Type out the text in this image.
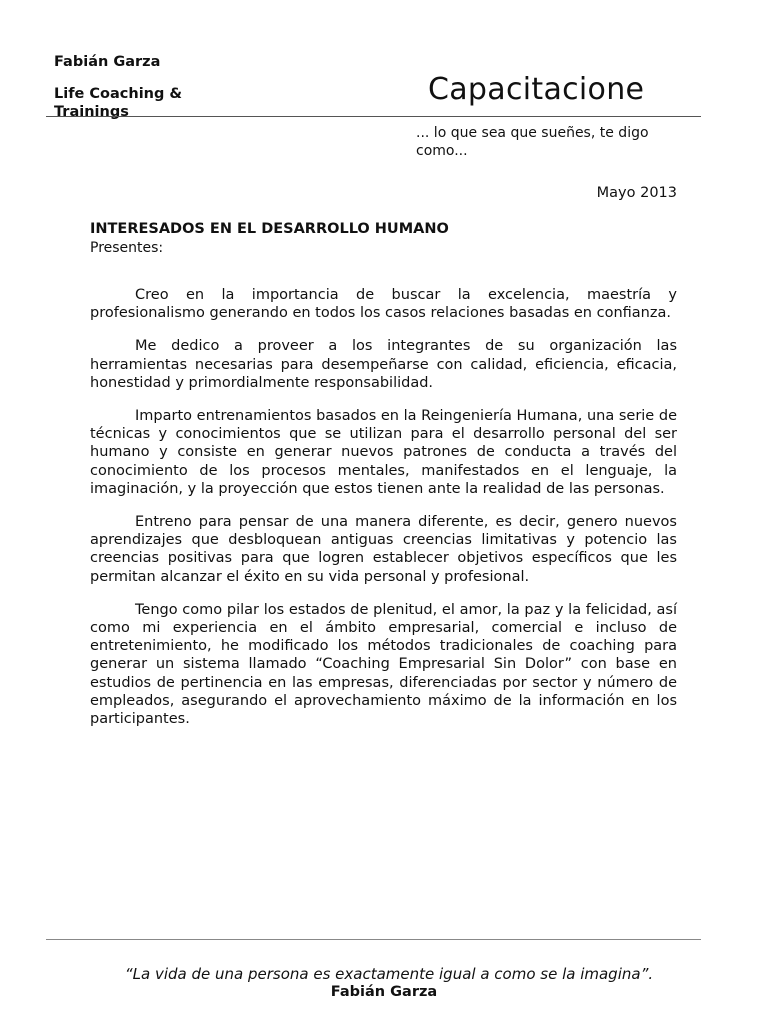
Fabián Garza
Life Coaching & Trainings
Capacitacione
... lo que sea que sueñes, te digo como...
Mayo 2013
INTERESADOS EN EL DESARROLLO HUMANO
Presentes:

Creo en la importancia de buscar la excelencia, maestría y profesionalismo generando en todos los casos relaciones basadas en confianza.

Me dedico a proveer a los integrantes de su organización las herramientas necesarias para desempeñarse con calidad, eficiencia, eficacia, honestidad y primordialmente responsabilidad.

Imparto entrenamientos basados en la Reingeniería Humana, una serie de técnicas y conocimientos que se utilizan para el desarrollo personal del ser humano y consiste en generar nuevos patrones de conducta a través del conocimiento de los procesos mentales, manifestados en el lenguaje, la imaginación, y la proyección que estos tienen ante la realidad de las personas.

Entreno para pensar de una manera diferente, es decir, genero nuevos aprendizajes que desbloquean antiguas creencias limitativas y potencio las creencias positivas para que logren establecer objetivos específicos que les permitan alcanzar el éxito en su vida personal y profesional.

Tengo como pilar los estados de plenitud, el amor, la paz y la felicidad, así como mi experiencia en el ámbito empresarial, comercial e incluso de entretenimiento, he modificado los métodos tradicionales de coaching para generar un sistema llamado “Coaching Empresarial Sin Dolor” con base en estudios de pertinencia en las empresas, diferenciadas por sector y número de empleados, asegurando el aprovechamiento máximo de la información en los participantes.

“La vida de una persona es exactamente igual a como se la imagina”.
Fabián Garza
